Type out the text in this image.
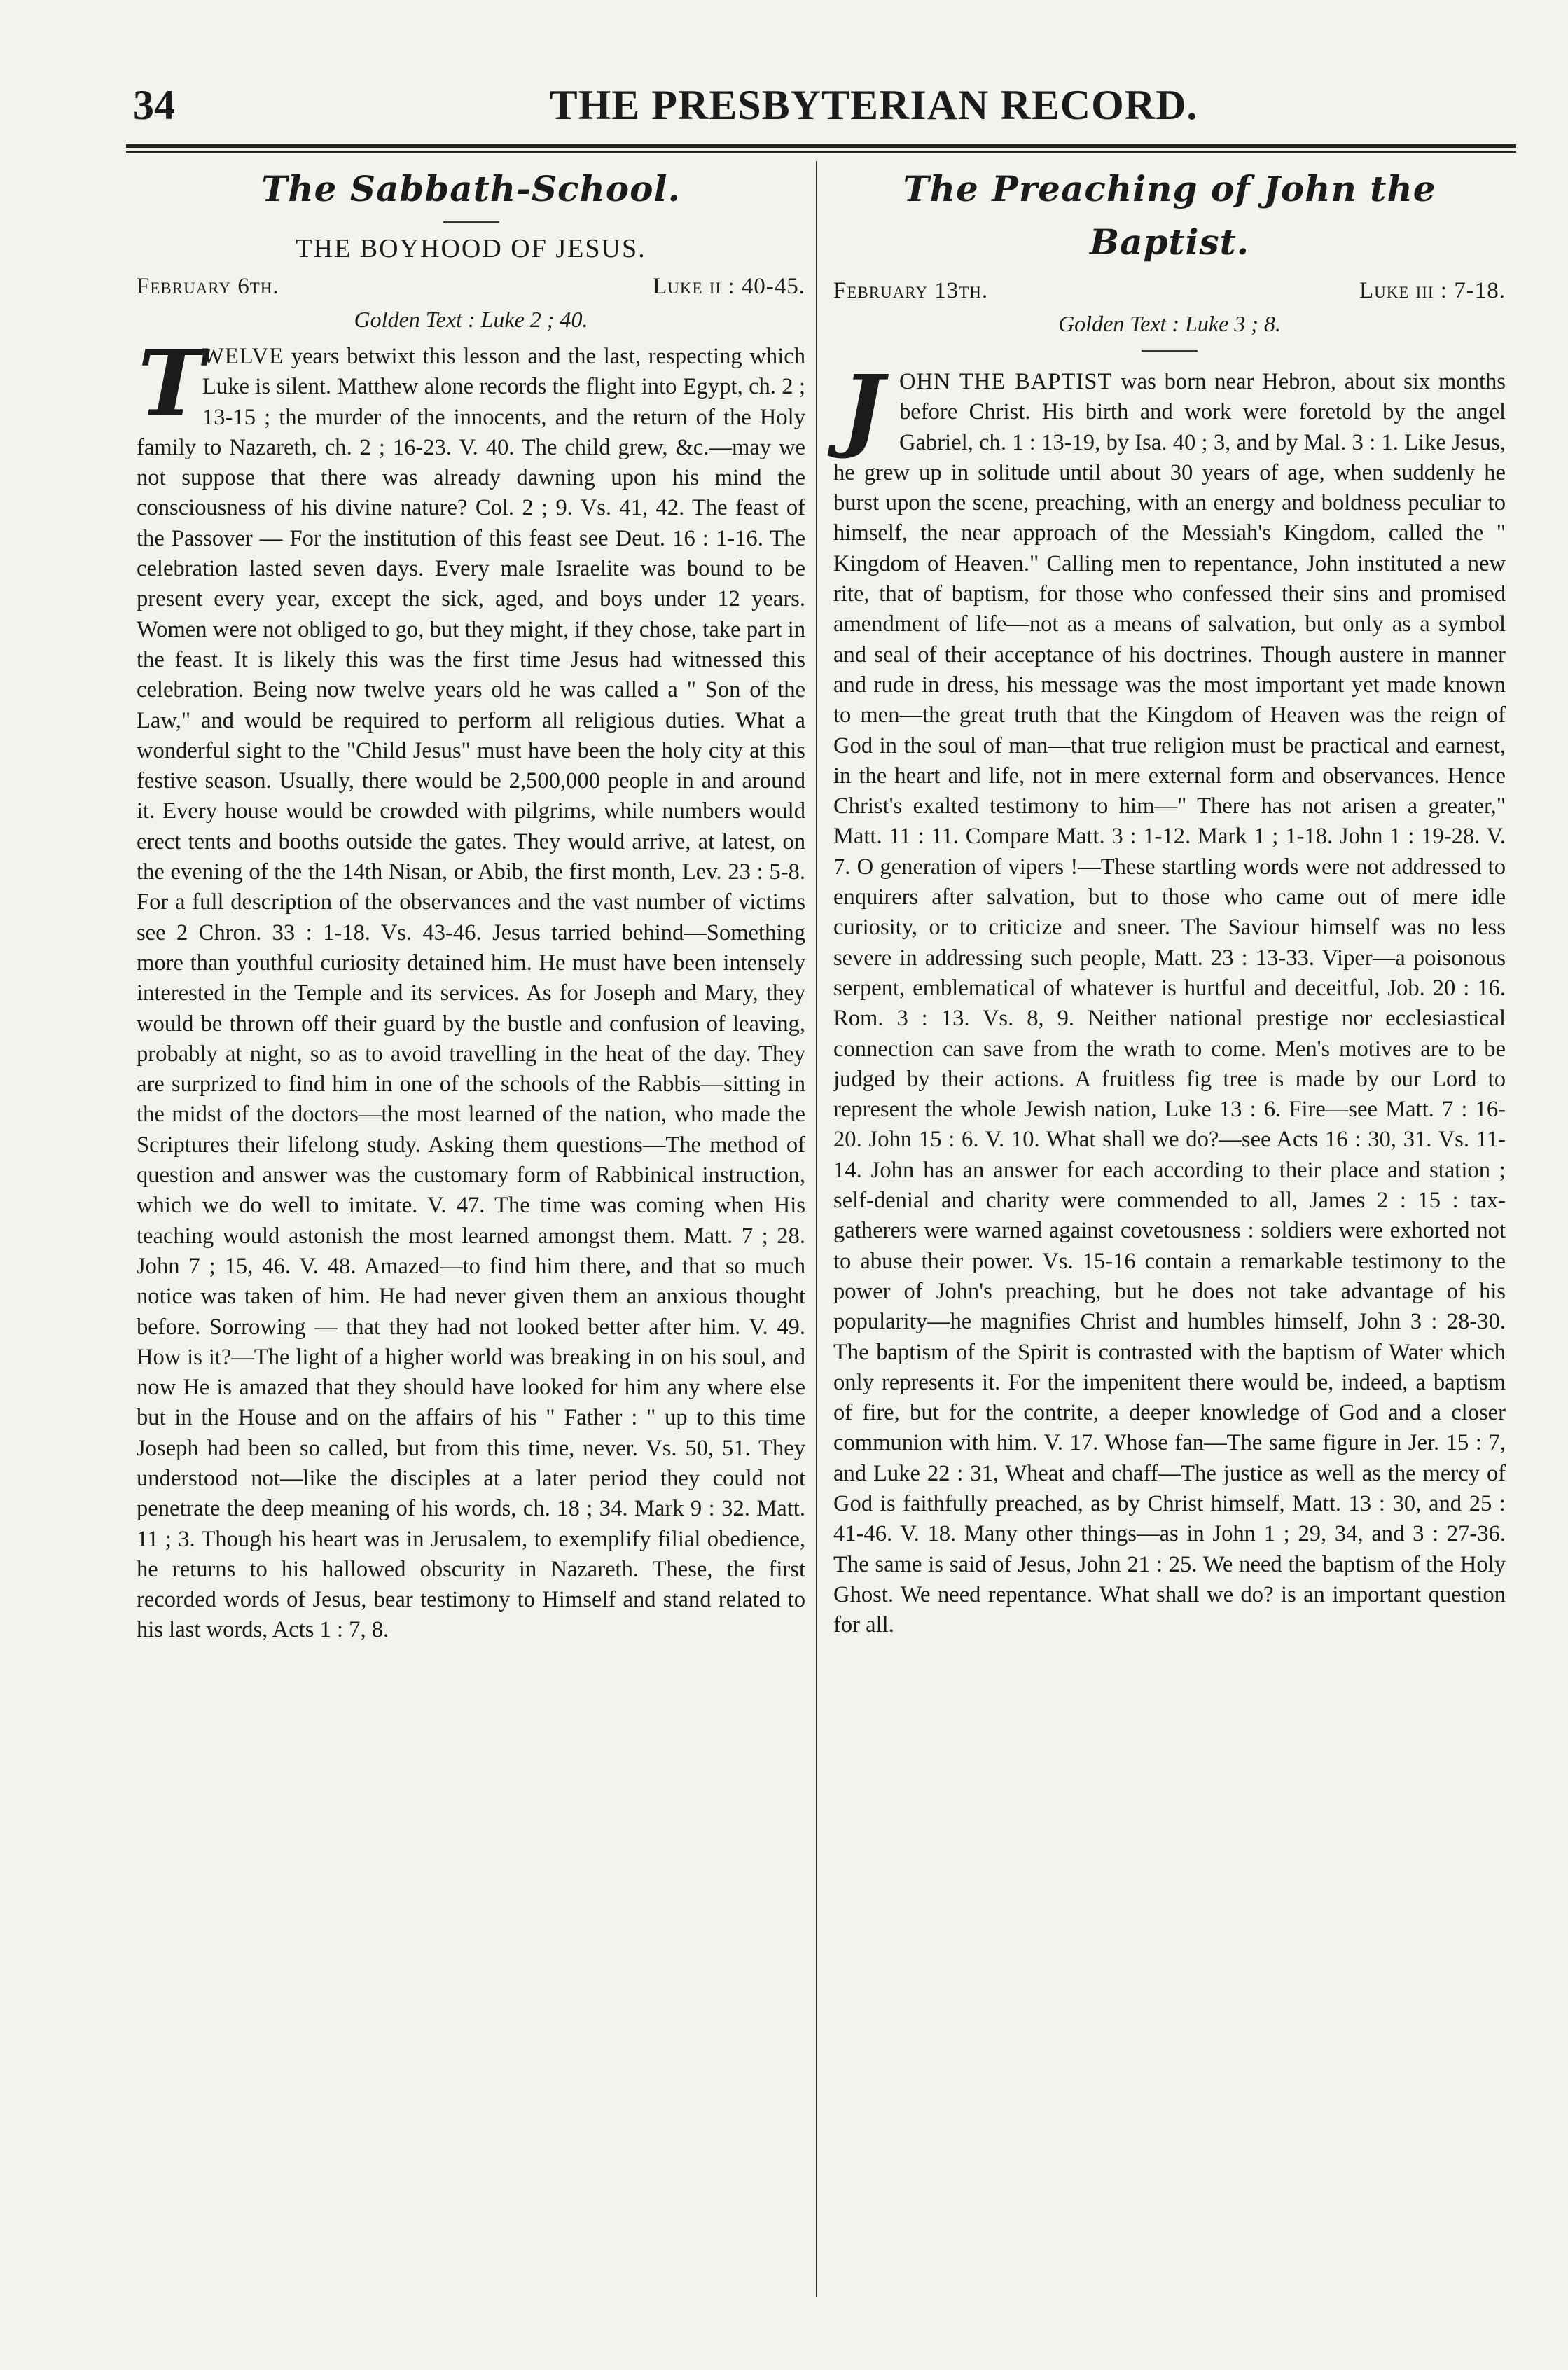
34	THE PRESBYTERIAN RECORD.
The Sabbath-School.
THE BOYHOOD OF JESUS.
February 6th.	Luke ii : 40-45.
Golden Text : Luke 2 ; 40.

T
WELVE years betwixt this lesson and the last, respecting which Luke is silent. Matthew alone records the flight into Egypt, ch. 2 ; 13-15 ; the murder of the innocents, and the return of the Holy family to Nazareth, ch. 2 ; 16-23. V. 40. The child grew, &c.—may we not suppose that there was already dawning upon his mind the consciousness of his divine nature? Col. 2 ; 9. Vs. 41, 42. The feast of the Passover — For the institution of this feast see Deut. 16 : 1-16. The celebration lasted seven days. Every male Israelite was bound to be present every year, except the sick, aged, and boys under 12 years. Women were not obliged to go, but they might, if they chose, take part in the feast. It is likely this was the first time Jesus had witnessed this celebration. Being now twelve years old he was called a " Son of the Law," and would be required to perform all religious duties. What a wonderful sight to the "Child Jesus" must have been the holy city at this festive season. Usually, there would be 2,500,000 people in and around it. Every house would be crowded with pilgrims, while numbers would erect tents and booths outside the gates. They would arrive, at latest, on the evening of the the 14th Nisan, or Abib, the first month, Lev. 23 : 5-8. For a full description of the observances and the vast number of victims see 2 Chron. 33 : 1-18. Vs. 43-46. Jesus tarried behind—Something more than youthful curiosity detained him. He must have been intensely interested in the Temple and its services. As for Joseph and Mary, they would be thrown off their guard by the bustle and confusion of leaving, probably at night, so as to avoid travelling in the heat of the day. They are surprized to find him in one of the schools of the Rabbis—sitting in the midst of the doctors—the most learned of the nation, who made the Scriptures their lifelong study. Asking them questions—The method of question and answer was the customary form of Rabbinical instruction, which we do well to imitate. V. 47. The time was coming when His teaching would astonish the most learned amongst them. Matt. 7 ; 28. John 7 ; 15, 46. V. 48. Amazed—to find him there, and that so much notice was taken of him. He had never given them an anxious thought before. Sorrowing — that they had not looked better after him. V. 49. How is it?—The light of a higher world was breaking in on his soul, and now He is amazed that they should have looked for him any where else but in the House and on the affairs of his " Father : " up to this time Joseph had been so called, but from this time, never. Vs. 50, 51. They understood not—like the disciples at a later period they could not penetrate the deep meaning of his words, ch. 18 ; 34. Mark 9 : 32. Matt. 11 ; 3. Though his heart was in Jerusalem, to exemplify filial obedience, he returns to his hallowed obscurity in Nazareth. These, the first recorded words of Jesus, bear testimony to Himself and stand related to his last words, Acts 1 : 7, 8.

The Preaching of John the Baptist.
February 13th.	Luke iii : 7-18.
Golden Text : Luke 3 ; 8.

J OHN THE BAPTIST was born near Hebron, about six months before Christ. His birth and work were foretold by the angel Gabriel, ch. 1 : 13-19, by Isa. 40 ; 3, and by Mal. 3 : 1. Like Jesus, he grew up in solitude until about 30 years of age, when suddenly he burst upon the scene, preaching, with an energy and boldness peculiar to himself, the near approach of the Messiah's Kingdom, called the " Kingdom of Heaven." Calling men to repentance, John instituted a new rite, that of baptism, for those who confessed their sins and promised amendment of life—not as a means of salvation, but only as a symbol and seal of their acceptance of his doctrines. Though austere in manner and rude in dress, his message was the most important yet made known to men—the great truth that the Kingdom of Heaven was the reign of God in the soul of man—that true religion must be practical and earnest, in the heart and life, not in mere external form and observances. Hence Christ's exalted testimony to him—" There has not arisen a greater," Matt. 11 : 11. Compare Matt. 3 : 1-12. Mark 1 ; 1-18. John 1 : 19-28. V. 7. O generation of vipers !—These startling words were not addressed to enquirers after salvation, but to those who came out of mere idle curiosity, or to criticize and sneer. The Saviour himself was no less severe in addressing such people, Matt. 23 : 13-33. Viper—a poisonous serpent, emblematical of whatever is hurtful and deceitful, Job. 20 : 16. Rom. 3 : 13. Vs. 8, 9. Neither national prestige nor ecclesiastical connection can save from the wrath to come. Men's motives are to be judged by their actions. A fruitless fig tree is made by our Lord to represent the whole Jewish nation, Luke 13 : 6. Fire—see Matt. 7 : 16-20. John 15 : 6. V. 10. What shall we do?—see Acts 16 : 30, 31. Vs. 11-14. John has an answer for each according to their place and station ; self-denial and charity were commended to all, James 2 : 15 : tax-gatherers were warned against covetousness : soldiers were exhorted not to abuse their power. Vs. 15-16 contain a remarkable testimony to the power of John's preaching, but he does not take advantage of his popularity—he magnifies Christ and humbles himself, John 3 : 28-30. The baptism of the Spirit is contrasted with the baptism of Water which only represents it. For the impenitent there would be, indeed, a baptism of fire, but for the contrite, a deeper knowledge of God and a closer communion with him. V. 17. Whose fan—The same figure in Jer. 15 : 7, and Luke 22 : 31, Wheat and chaff—The justice as well as the mercy of God is faithfully preached, as by Christ himself, Matt. 13 : 30, and 25 : 41-46. V. 18. Many other things—as in John 1 ; 29, 34, and 3 : 27-36. The same is said of Jesus, John 21 : 25. We need the baptism of the Holy Ghost. We need repentance. What shall we do? is an important question for all.
